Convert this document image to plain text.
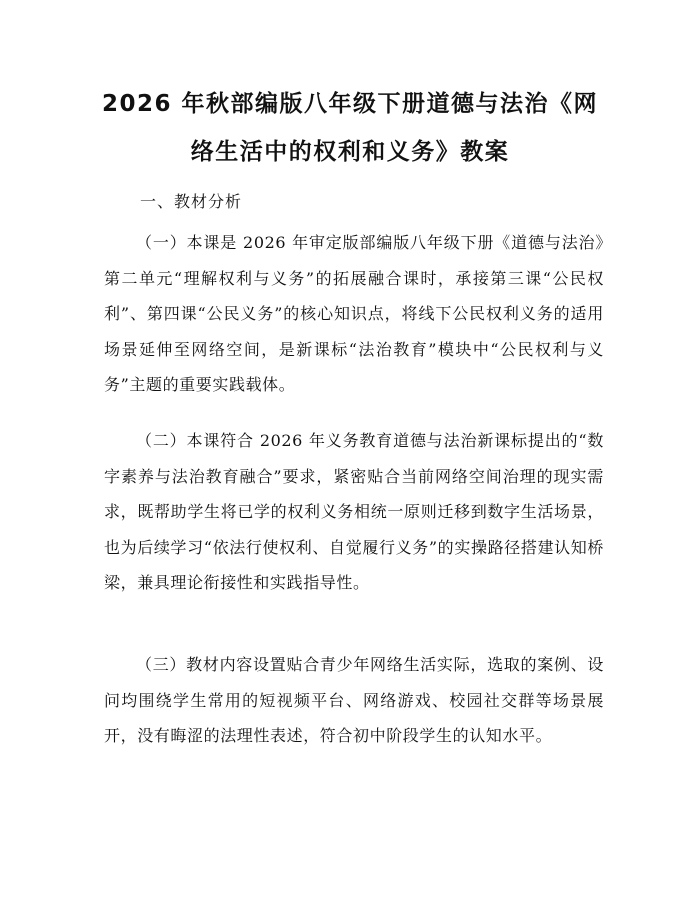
2026 年秋部编版八年级下册道德与法治《网络生活中的权利和义务》教案

一、教材分析

（一）本课是 2026 年审定版部编版八年级下册《道德与法治》第二单元“理解权利与义务”的拓展融合课时，承接第三课“公民权利”、第四课“公民义务”的核心知识点，将线下公民权利义务的适用场景延伸至网络空间，是新课标“法治教育”模块中“公民权利与义务”主题的重要实践载体。

（二）本课符合 2026 年义务教育道德与法治新课标提出的“数字素养与法治教育融合”要求，紧密贴合当前网络空间治理的现实需求，既帮助学生将已学的权利义务相统一原则迁移到数字生活场景，也为后续学习“依法行使权利、自觉履行义务”的实操路径搭建认知桥梁，兼具理论衔接性和实践指导性。

（三）教材内容设置贴合青少年网络生活实际，选取的案例、设问均围绕学生常用的短视频平台、网络游戏、校园社交群等场景展开，没有晦涩的法理性表述，符合初中阶段学生的认知水平。
